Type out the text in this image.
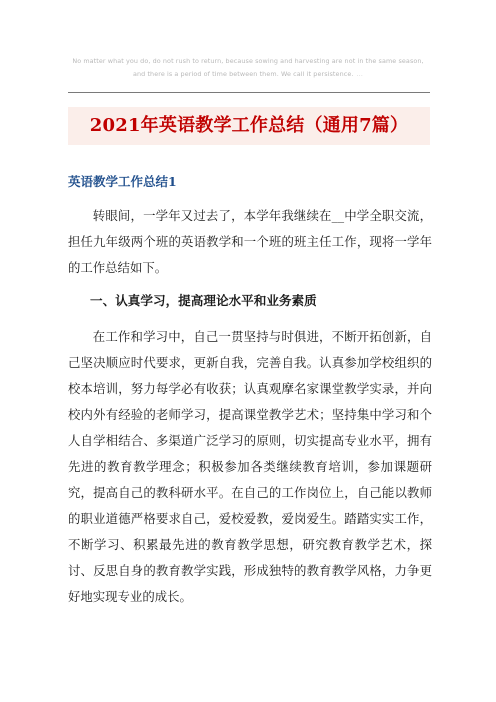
No matter what you do, do not rush to return, because sowing and harvesting are not in the same season, and there is a period of time between them. We call it persistence. …
2021年英语教学工作总结（通用7篇）
英语教学工作总结1

转眼间，一学年又过去了，本学年我继续在__中学全职交流，担任九年级两个班的英语教学和一个班的班主任工作，现将一学年的工作总结如下。

一、认真学习，提高理论水平和业务素质

在工作和学习中，自己一贯坚持与时俱进，不断开拓创新，自己坚决顺应时代要求，更新自我，完善自我。认真参加学校组织的校本培训，努力每学必有收获；认真观摩名家课堂教学实录，并向校内外有经验的老师学习，提高课堂教学艺术；坚持集中学习和个人自学相结合、多渠道广泛学习的原则，切实提高专业水平，拥有先进的教育教学理念；积极参加各类继续教育培训，参加课题研究，提高自己的教科研水平。在自己的工作岗位上，自己能以教师的职业道德严格要求自己，爱校爱教，爱岗爱生。踏踏实实工作，不断学习、积累最先进的教育教学思想，研究教育教学艺术，探讨、反思自身的教育教学实践，形成独特的教育教学风格，力争更好地实现专业的成长。
